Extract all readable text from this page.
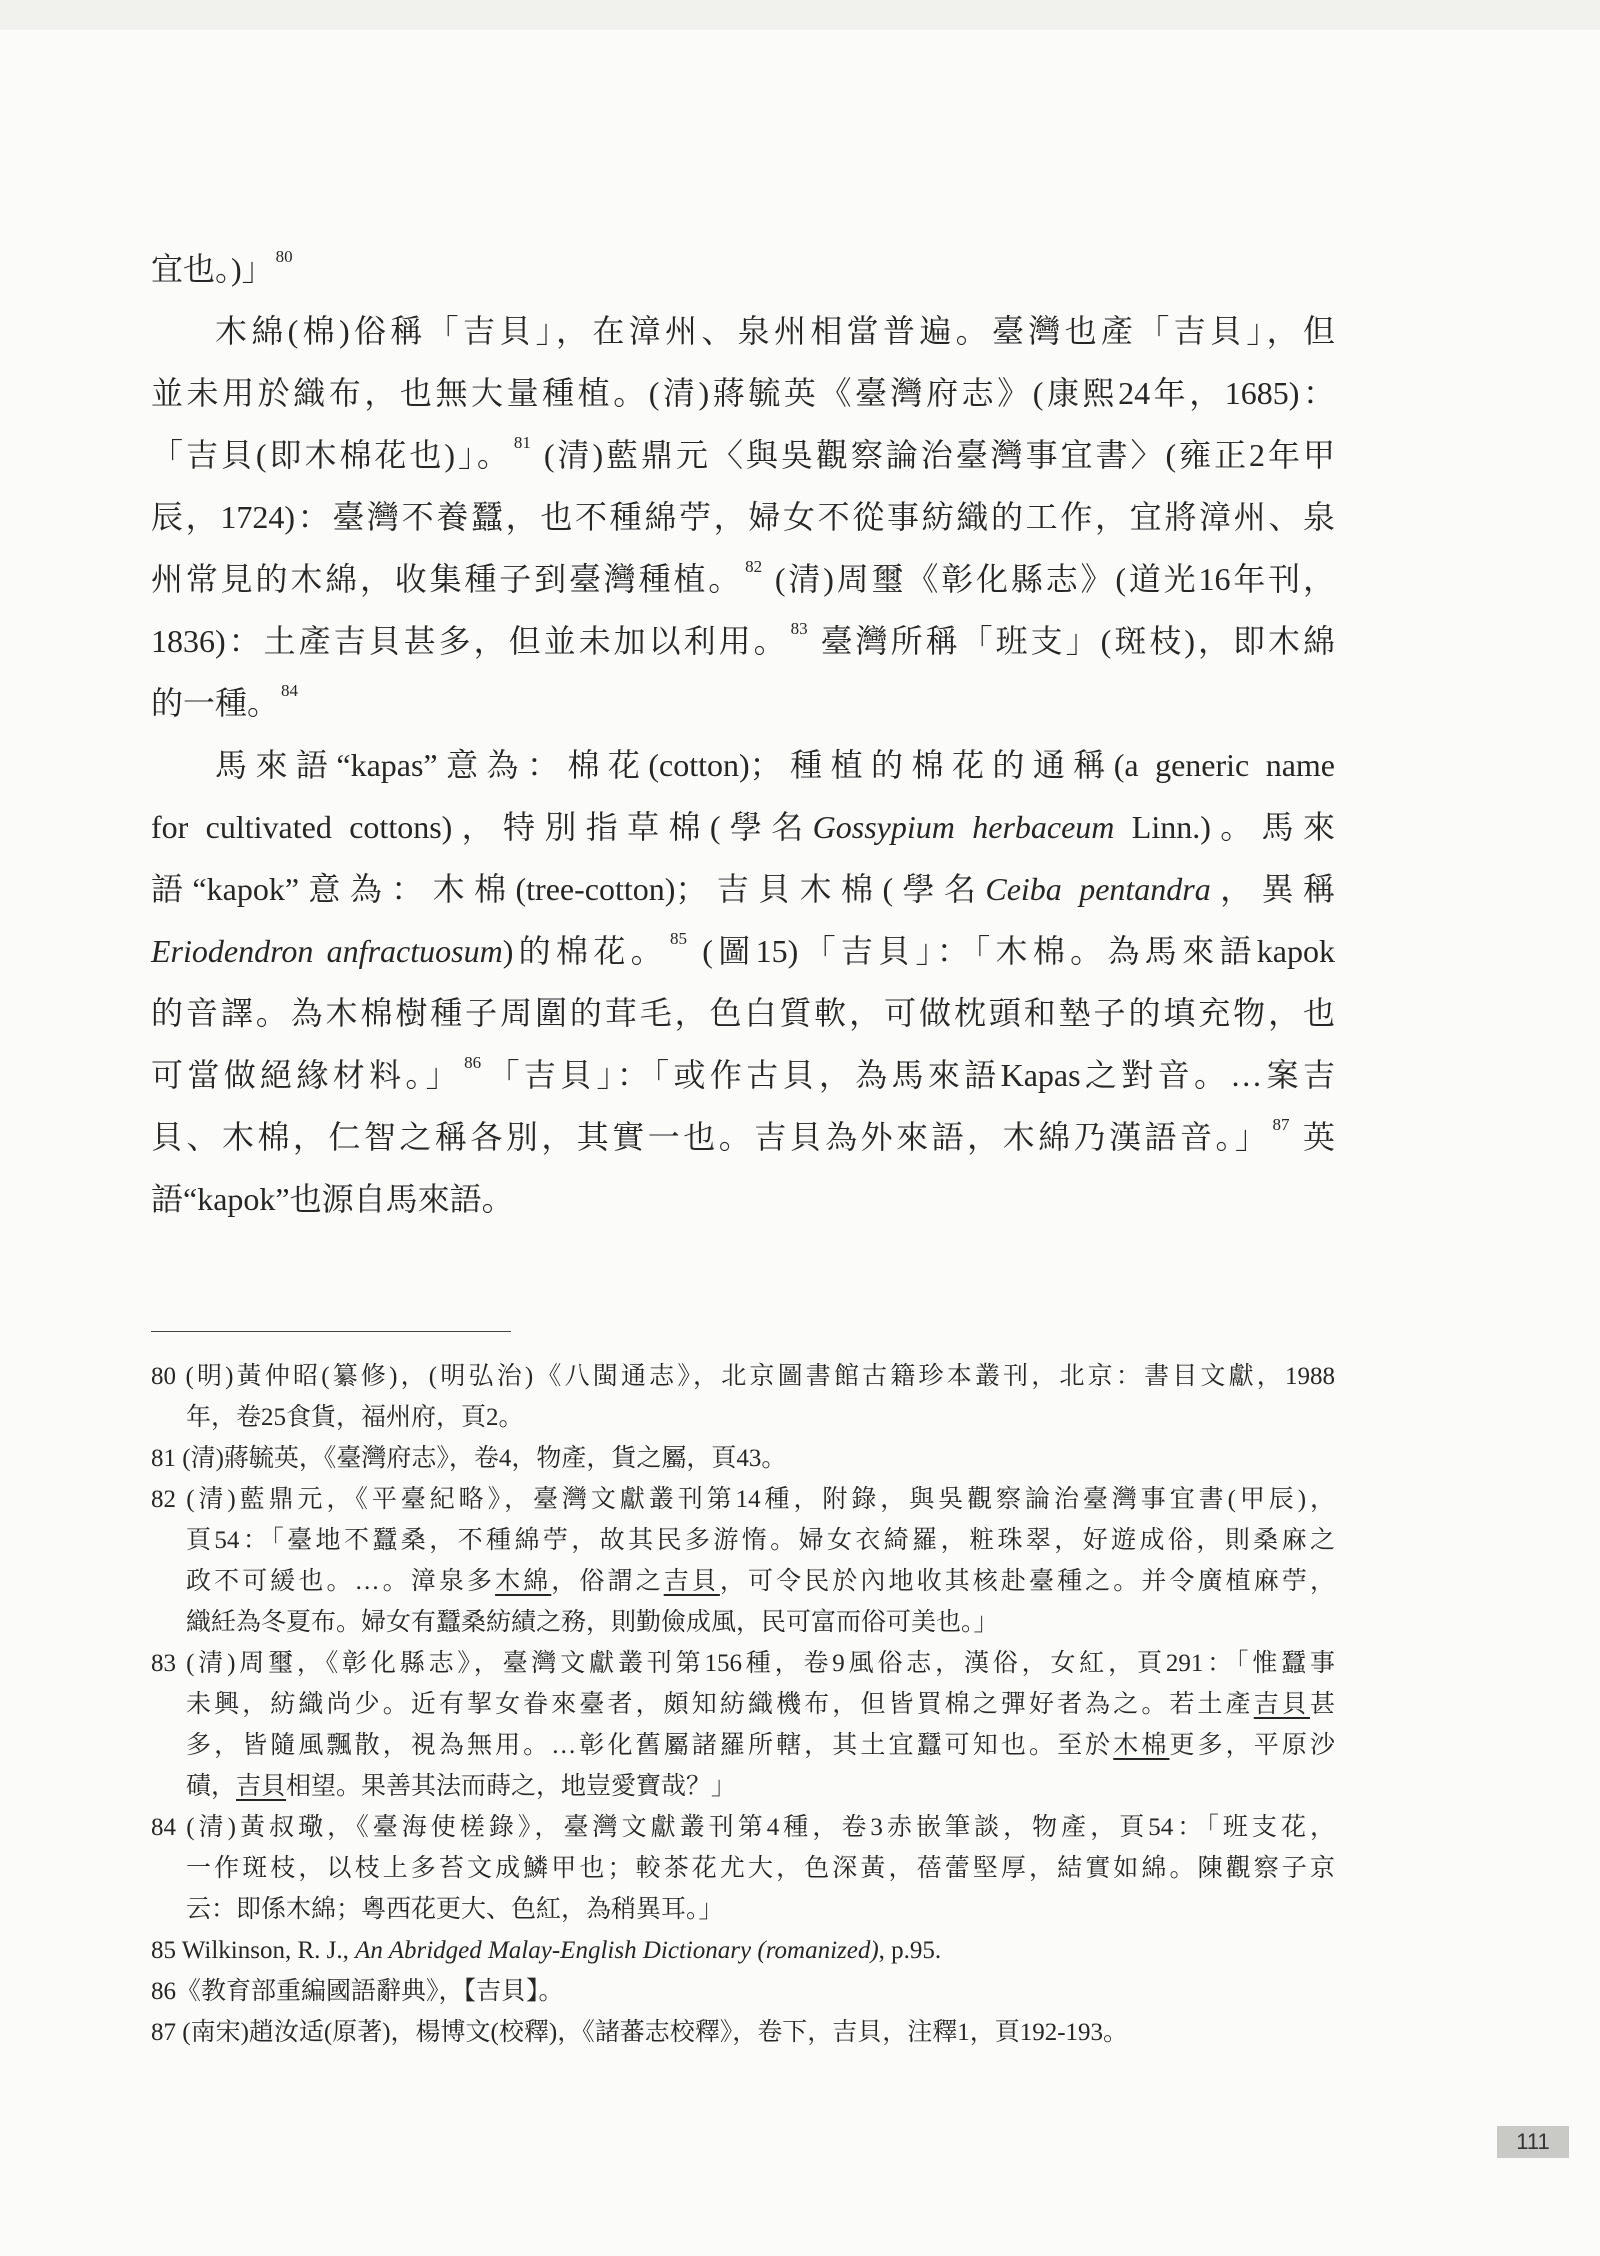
宜也。)」 $^{80}$
木綿(棉)俗稱「吉貝」，在漳州、泉州相當普遍。臺灣也產「吉貝」，但
並未用於織布，也無大量種植。(清)蔣毓英《臺灣府志》(康熙24年，1685)：
「吉貝(即木棉花也)」。 $^{81}$ (清)藍鼎元〈與吳觀察論治臺灣事宜書〉(雍正2年甲
辰，1724)：臺灣不養蠶，也不種綿苧，婦女不從事紡織的工作，宜將漳州、泉
州常見的木綿，收集種子到臺灣種植。 $^{82}$ (清)周璽《彰化縣志》(道光16年刊，
1836)：土產吉貝甚多，但並未加以利用。 $^{83}$ 臺灣所稱「班支」(斑枝)，即木綿
的一種。 $^{84}$
馬來語“kapas”意為：棉花(cotton)；種植的棉花的通稱(a generic name
for cultivated cottons)，特別指草棉(學名Gossypium herbaceum Linn.)。馬來
語“kapok”意為：木棉(tree-cotton)；吉貝木棉(學名Ceiba pentandra，異稱
Eriodendron anfractuosum)的棉花。 $^{85}$ (圖15)「吉貝」：「木棉。為馬來語kapok
的音譯。為木棉樹種子周圍的茸毛，色白質軟，可做枕頭和墊子的填充物，也
可當做絕緣材料。」 $^{86}$「吉貝」：「或作古貝，為馬來語Kapas之對音。…案吉
貝、木棉，仁智之稱各別，其實一也。吉貝為外來語，木綿乃漢語音。」 $^{87}$ 英
語“kapok”也源自馬來語。
80 (明)黃仲昭(纂修)，(明弘治)《八閩通志》，北京圖書館古籍珍本叢刊，北京：書目文獻，1988
年，卷25食貨，福州府，頁2。
81 (清)蔣毓英，《臺灣府志》，卷4，物產，貨之屬，頁43。
82 (清)藍鼎元，《平臺紀略》，臺灣文獻叢刊第14種，附錄，與吳觀察論治臺灣事宜書(甲辰)，
頁54：「臺地不蠶桑，不種綿苧，故其民多游惰。婦女衣綺羅，粧珠翠，好遊成俗，則桑麻之
政不可緩也。…。漳泉多木綿，俗謂之吉貝，可令民於內地收其核赴臺種之。并令廣植麻苧，
織紝為冬夏布。婦女有蠶桑紡績之務，則勤儉成風，民可富而俗可美也。」
83 (清)周璽，《彰化縣志》，臺灣文獻叢刊第156種，卷9風俗志，漢俗，女紅，頁291：「惟蠶事
未興，紡織尚少。近有挈女眷來臺者，頗知紡織機布，但皆買棉之彈好者為之。若土產吉貝甚
多，皆隨風飄散，視為無用。…彰化舊屬諸羅所轄，其土宜蠶可知也。至於木棉更多，平原沙
磧，吉貝相望。果善其法而蒔之，地豈愛寶哉？」
84 (清)黃叔璥，《臺海使槎錄》，臺灣文獻叢刊第4種，卷3赤嵌筆談，物產，頁54：「班支花，
一作斑枝，以枝上多苔文成鱗甲也；較茶花尤大，色深黃，蓓蕾堅厚，結實如綿。陳觀察子京
云：即係木綿；粵西花更大、色紅，為稍異耳。」
85 Wilkinson, R. J., An Abridged Malay-English Dictionary (romanized), p.95.
86《教育部重編國語辭典》，【吉貝】。
87 (南宋)趙汝适(原著)，楊博文(校釋)，《諸蕃志校釋》，卷下，吉貝，注釋1，頁192-193。
111
